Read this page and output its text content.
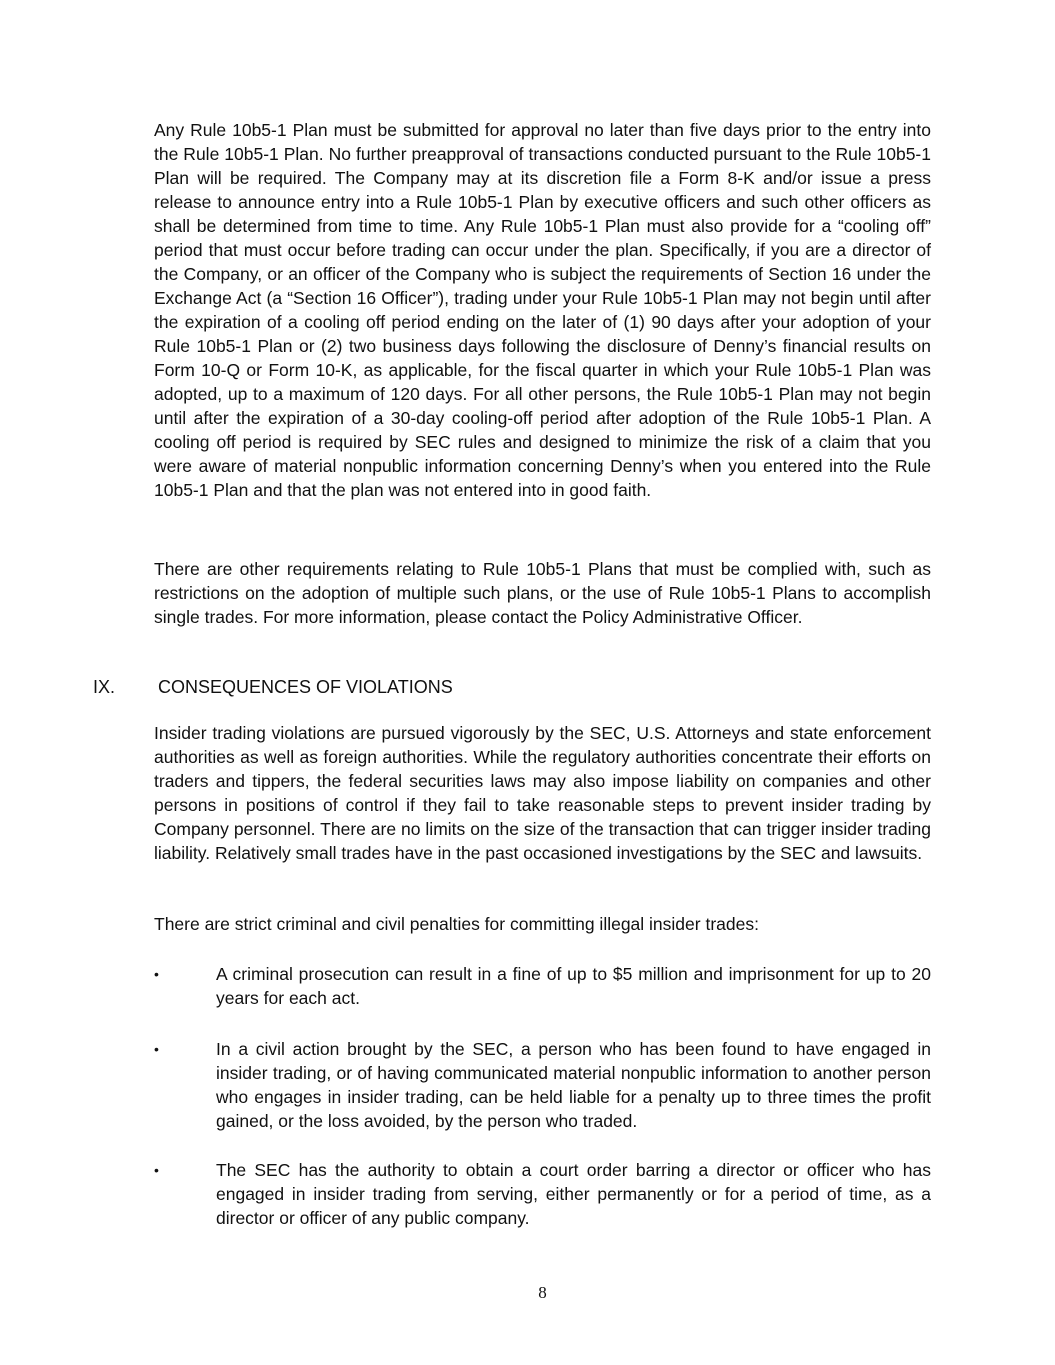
Any Rule 10b5-1 Plan must be submitted for approval no later than five days prior to the entry into the Rule 10b5-1 Plan. No further preapproval of transactions conducted pursuant to the Rule 10b5-1 Plan will be required. The Company may at its discretion file a Form 8-K and/or issue a press release to announce entry into a Rule 10b5-1 Plan by executive officers and such other officers as shall be determined from time to time. Any Rule 10b5-1 Plan must also provide for a “cooling off” period that must occur before trading can occur under the plan. Specifically, if you are a director of the Company, or an officer of the Company who is subject the requirements of Section 16 under the Exchange Act (a “Section 16 Officer”), trading under your Rule 10b5-1 Plan may not begin until after the expiration of a cooling off period ending on the later of (1) 90 days after your adoption of your Rule 10b5-1 Plan or (2) two business days following the disclosure of Denny’s financial results on Form 10-Q or Form 10-K, as applicable, for the fiscal quarter in which your Rule 10b5-1 Plan was adopted, up to a maximum of 120 days. For all other persons, the Rule 10b5-1 Plan may not begin until after the expiration of a 30-day cooling-off period after adoption of the Rule 10b5-1 Plan. A cooling off period is required by SEC rules and designed to minimize the risk of a claim that you were aware of material nonpublic information concerning Denny’s when you entered into the Rule 10b5-1 Plan and that the plan was not entered into in good faith.

There are other requirements relating to Rule 10b5-1 Plans that must be complied with, such as restrictions on the adoption of multiple such plans, or the use of Rule 10b5-1 Plans to accomplish single trades. For more information, please contact the Policy Administrative Officer.

IX. CONSEQUENCES OF VIOLATIONS

Insider trading violations are pursued vigorously by the SEC, U.S. Attorneys and state enforcement authorities as well as foreign authorities. While the regulatory authorities concentrate their efforts on traders and tippers, the federal securities laws may also impose liability on companies and other persons in positions of control if they fail to take reasonable steps to prevent insider trading by Company personnel. There are no limits on the size of the transaction that can trigger insider trading liability. Relatively small trades have in the past occasioned investigations by the SEC and lawsuits.

There are strict criminal and civil penalties for committing illegal insider trades:

•	A criminal prosecution can result in a fine of up to $5 million and imprisonment for up to 20 years for each act.

•	In a civil action brought by the SEC, a person who has been found to have engaged in insider trading, or of having communicated material nonpublic information to another person who engages in insider trading, can be held liable for a penalty up to three times the profit gained, or the loss avoided, by the person who traded.

•	The SEC has the authority to obtain a court order barring a director or officer who has engaged in insider trading from serving, either permanently or for a period of time, as a director or officer of any public company.

8
